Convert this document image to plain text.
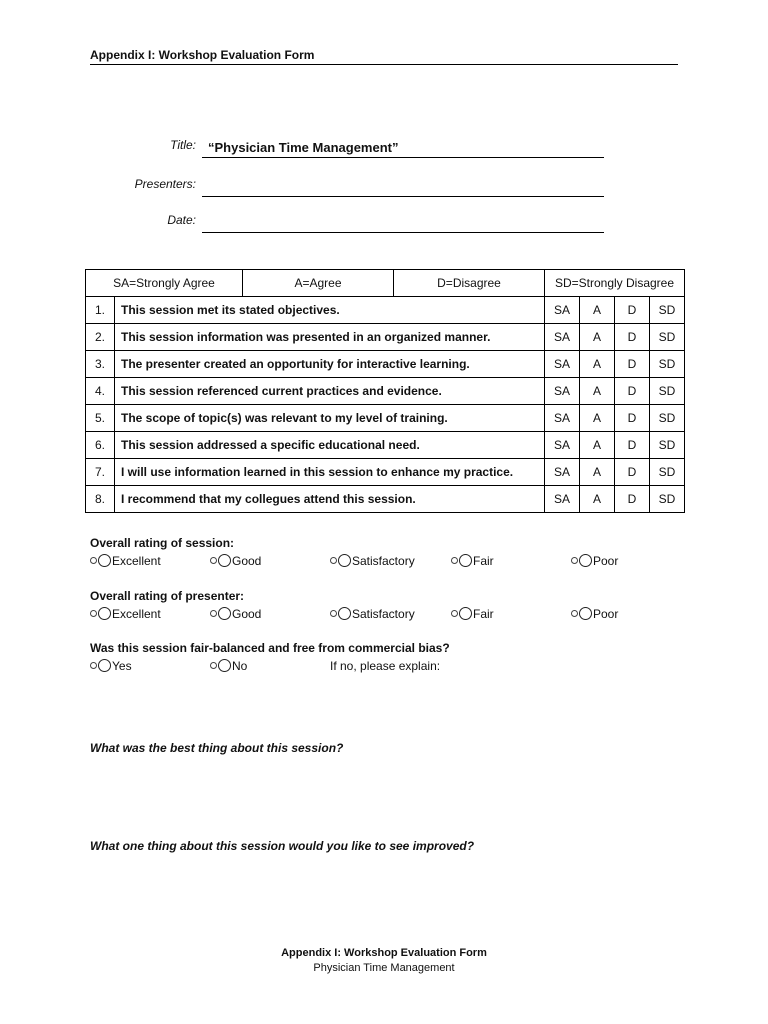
Appendix I: Workshop Evaluation Form
Title: “Physician Time Management”
Presenters:
Date:
SA=Strongly Agree		A=Agree	D=Disagree	SD=Strongly Disagree			
1.	This session met its stated objectives.			SA	A	D	SD
2.	This session information was presented in an organized manner.			SA	A	D	SD
3.	The presenter created an opportunity for interactive learning.			SA	A	D	SD
4.	This session referenced current practices and evidence.			SA	A	D	SD
5.	The scope of topic(s) was relevant to my level of training.			SA	A	D	SD
6.	This session addressed a specific educational need.			SA	A	D	SD
7.	I will use information learned in this session to enhance my practice.			SA	A	D	SD
8.	I recommend that my collegues attend this session.			SA	A	D	SD
Overall rating of session:
Excellent	Good	Satisfactory	Fair	Poor
Overall rating of presenter:
Excellent	Good	Satisfactory	Fair	Poor
Was this session fair-balanced and free from commercial bias?
Yes	No	If no, please explain:
What was the best thing about this session?
What one thing about this session would you like to see improved?
Appendix I: Workshop Evaluation Form
Physician Time Management
